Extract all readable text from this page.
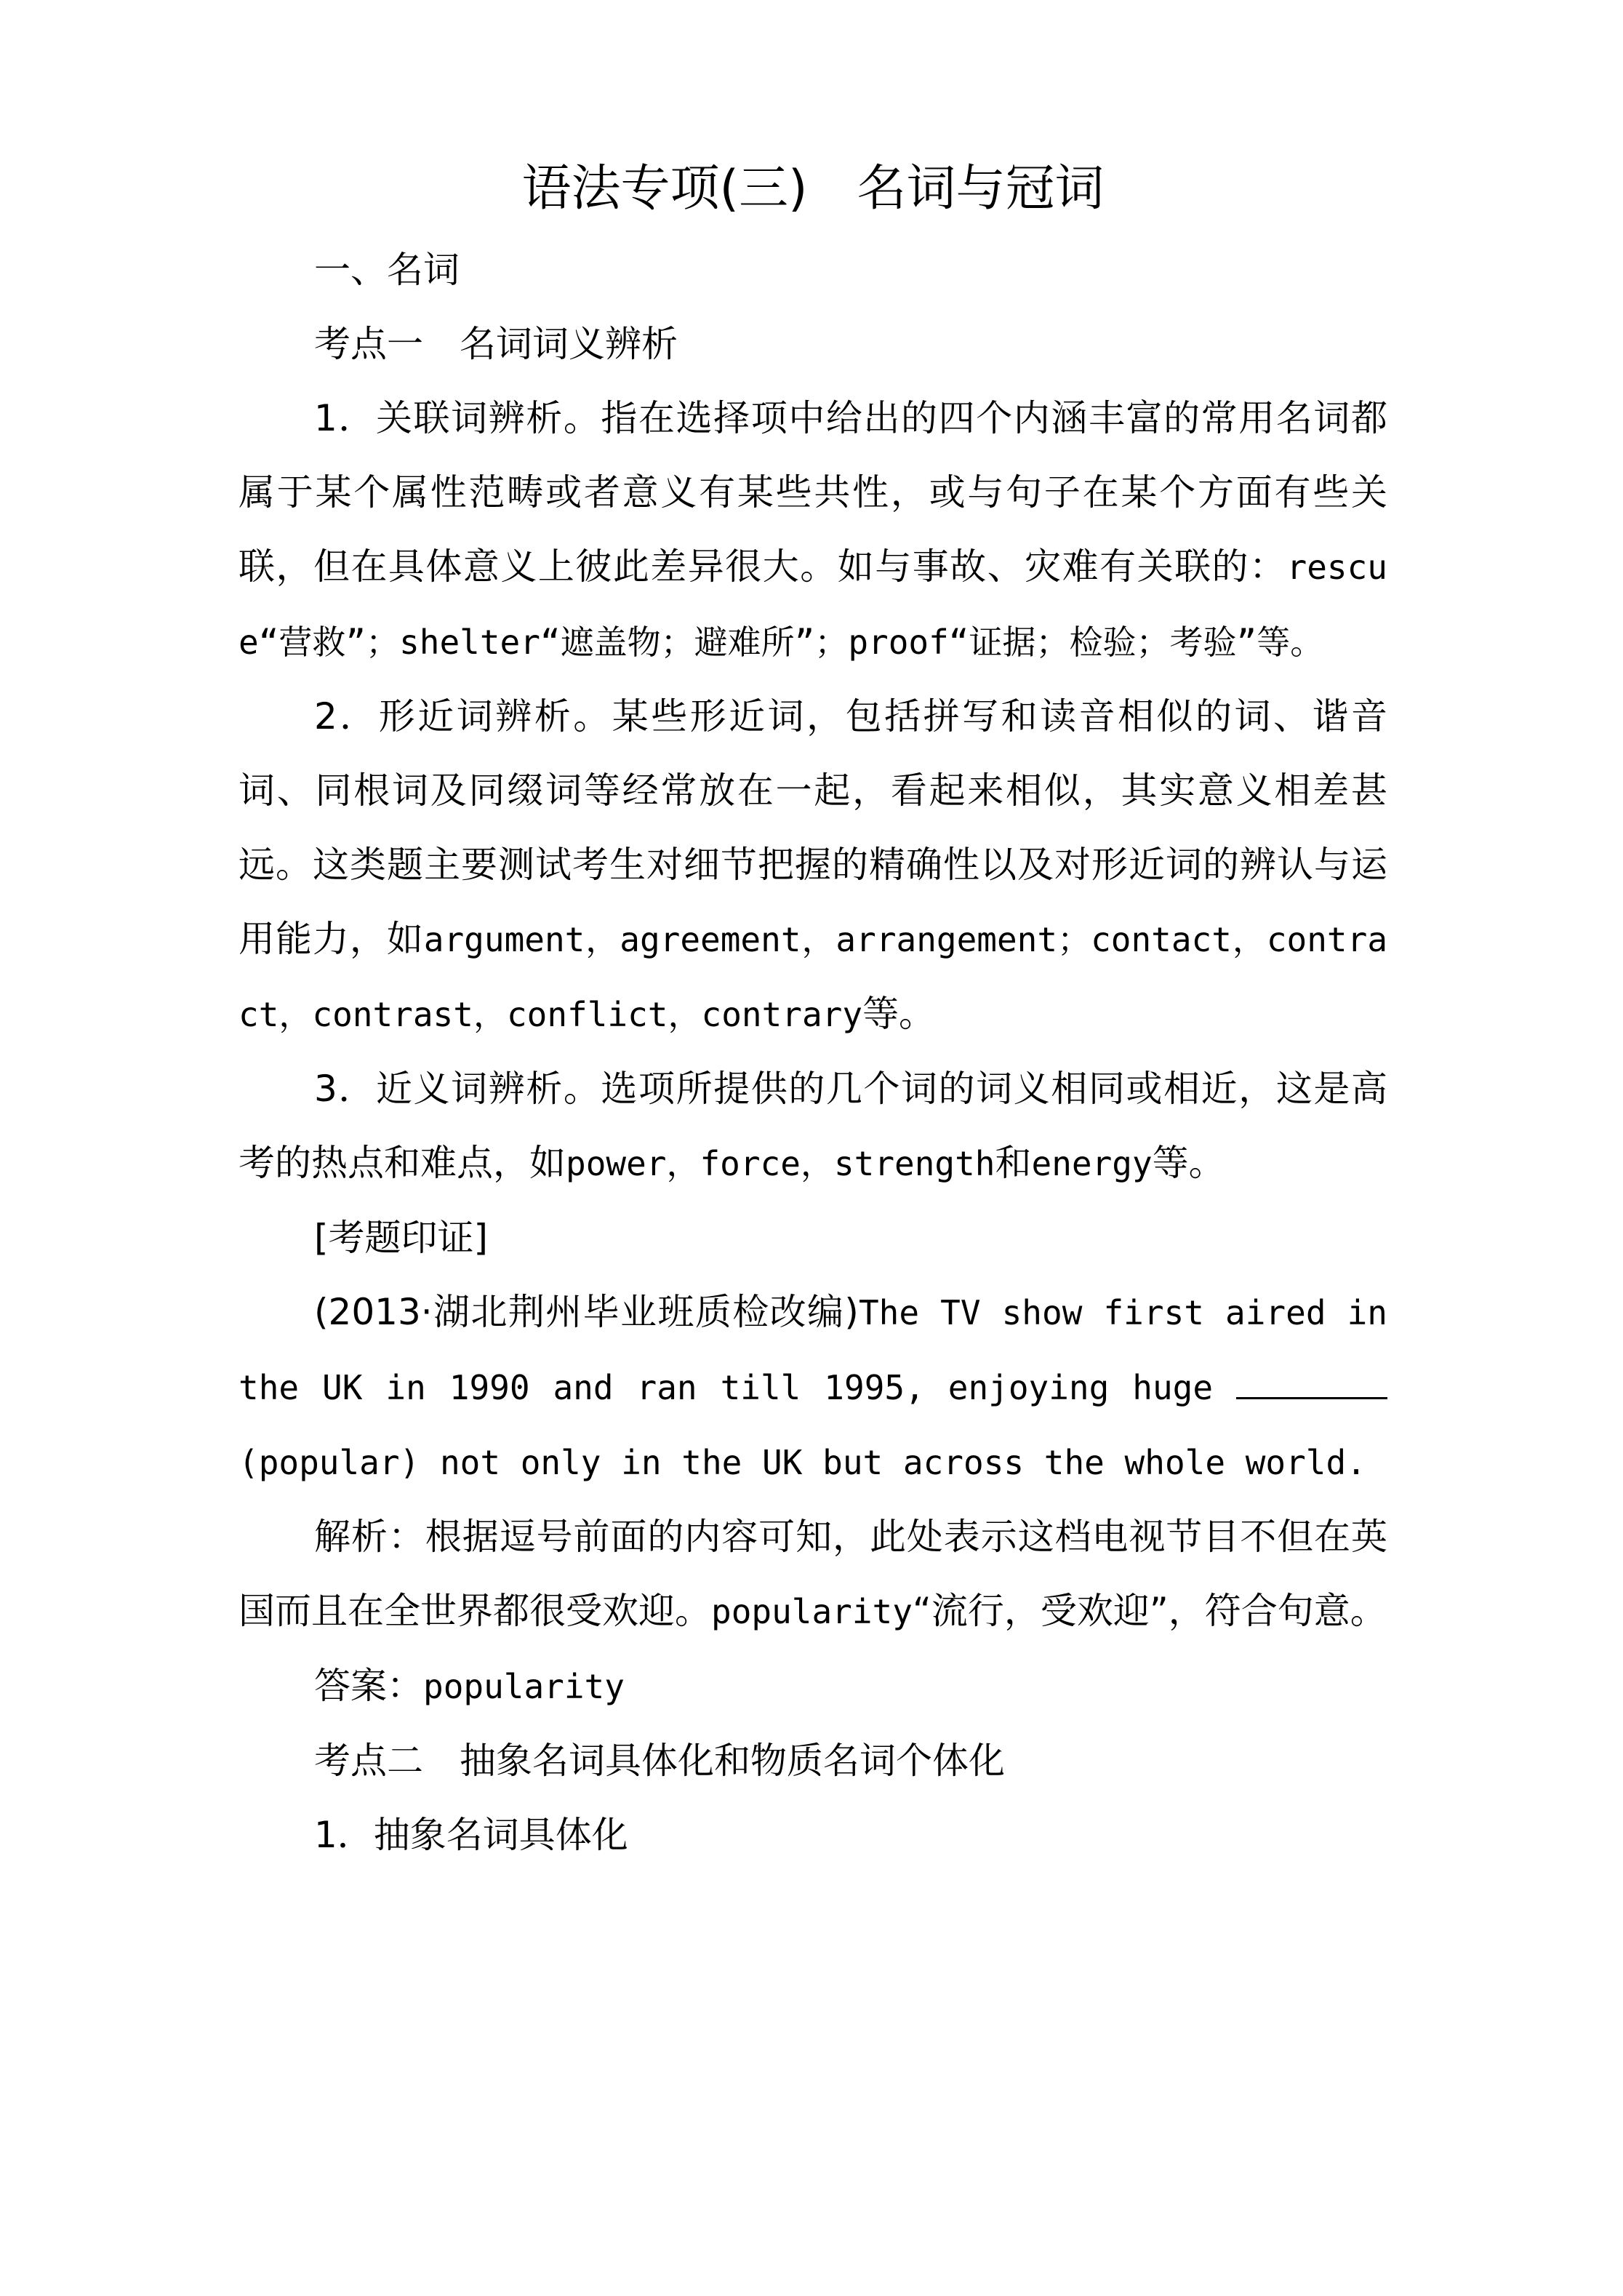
语法专项(三)　名词与冠词

一、名词

考点一　名词词义辨析

1．关联词辨析。指在选择项中给出的四个内涵丰富的常用名词都属于某个属性范畴或者意义有某些共性，或与句子在某个方面有些关联，但在具体意义上彼此差异很大。如与事故、灾难有关联的：rescue“营救”；shelter“遮盖物；避难所”；proof“证据；检验；考验”等。

2．形近词辨析。某些形近词，包括拼写和读音相似的词、谐音词、同根词及同缀词等经常放在一起，看起来相似，其实意义相差甚远。这类题主要测试考生对细节把握的精确性以及对形近词的辨认与运用能力，如argument，agreement，arrangement；contact，contract，contrast，conflict，contrary等。

3．近义词辨析。选项所提供的几个词的词义相同或相近，这是高考的热点和难点，如power，force，strength和energy等。

[考题印证]

(2013·湖北荆州毕业班质检改编)The TV show first aired in the UK in 1990 and ran till 1995, enjoying huge (popular) not only in the UK but across the whole world.

解析：根据逗号前面的内容可知，此处表示这档电视节目不但在英国而且在全世界都很受欢迎。popularity“流行，受欢迎”，符合句意。

答案：popularity

考点二　抽象名词具体化和物质名词个体化

1．抽象名词具体化
